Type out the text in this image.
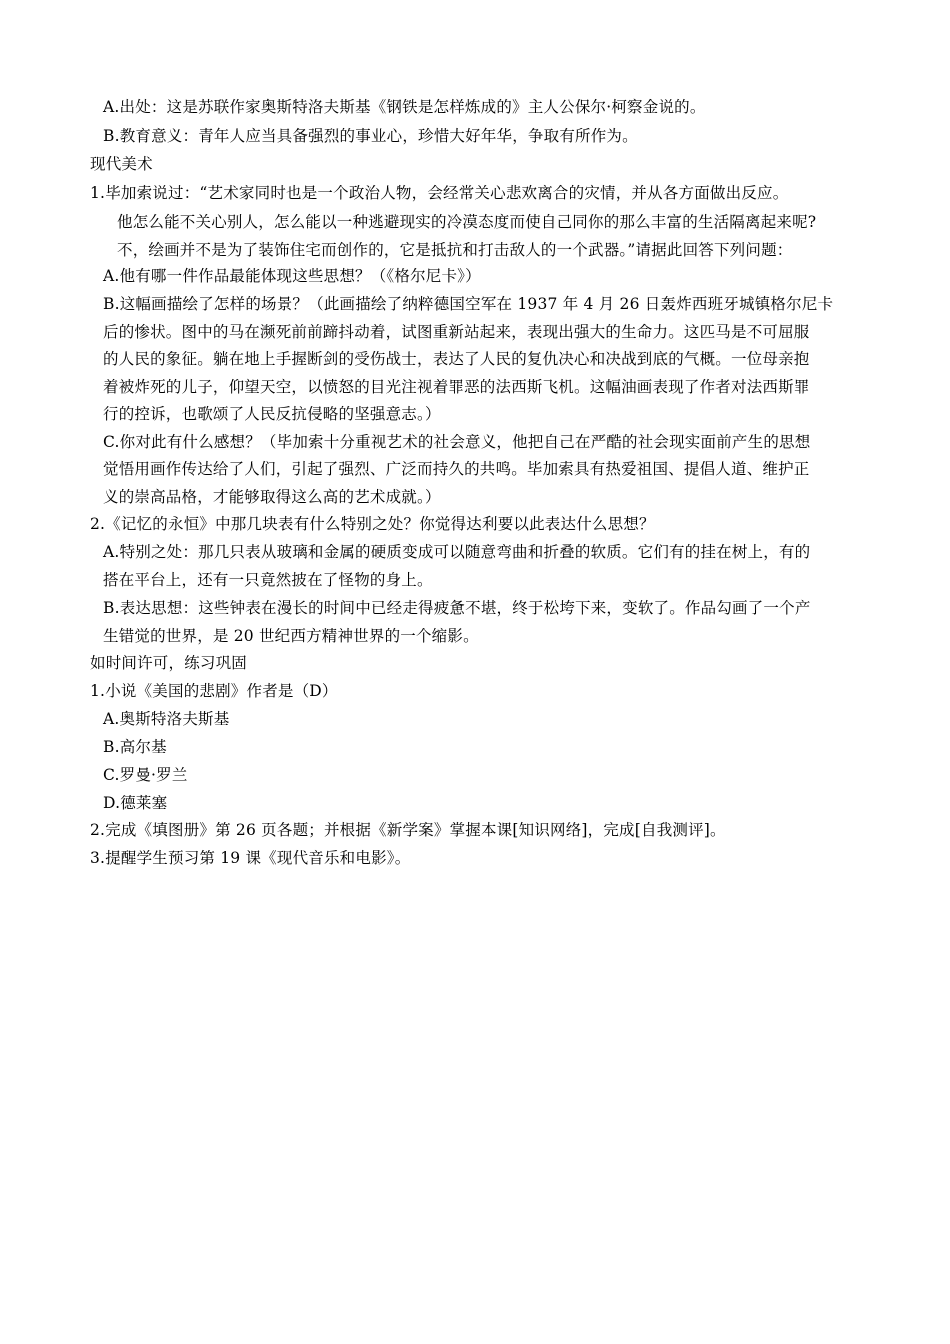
A.出处：这是苏联作家奥斯特洛夫斯基《钢铁是怎样炼成的》主人公保尔·柯察金说的。
B.教育意义：青年人应当具备强烈的事业心，珍惜大好年华，争取有所作为。
现代美术
1.毕加索说过：“艺术家同时也是一个政治人物，会经常关心悲欢离合的灾情，并从各方面做出反应。
他怎么能不关心别人，怎么能以一种逃避现实的冷漠态度而使自己同你的那么丰富的生活隔离起来呢?
不，绘画并不是为了装饰住宅而创作的，它是抵抗和打击敌人的一个武器。”请据此回答下列问题：
A.他有哪一件作品最能体现这些思想？（《格尔尼卡》）
B.这幅画描绘了怎样的场景？（此画描绘了纳粹德国空军在 1937 年 4 月 26 日轰炸西班牙城镇格尔尼卡
后的惨状。图中的马在濒死前前蹄抖动着，试图重新站起来，表现出强大的生命力。这匹马是不可屈服
的人民的象征。躺在地上手握断剑的受伤战士，表达了人民的复仇决心和决战到底的气概。一位母亲抱
着被炸死的儿子，仰望天空，以愤怒的目光注视着罪恶的法西斯飞机。这幅油画表现了作者对法西斯罪
行的控诉，也歌颂了人民反抗侵略的坚强意志。）
C.你对此有什么感想？（毕加索十分重视艺术的社会意义，他把自己在严酷的社会现实面前产生的思想
觉悟用画作传达给了人们，引起了强烈、广泛而持久的共鸣。毕加索具有热爱祖国、提倡人道、维护正
义的崇高品格，才能够取得这么高的艺术成就。）
2.《记忆的永恒》中那几块表有什么特别之处？你觉得达利要以此表达什么思想？
A.特别之处：那几只表从玻璃和金属的硬质变成可以随意弯曲和折叠的软质。它们有的挂在树上，有的
搭在平台上，还有一只竟然披在了怪物的身上。
B.表达思想：这些钟表在漫长的时间中已经走得疲惫不堪，终于松垮下来，变软了。作品勾画了一个产
生错觉的世界，是 20 世纪西方精神世界的一个缩影。
如时间许可，练习巩固
1.小说《美国的悲剧》作者是（D）
A.奥斯特洛夫斯基
B.高尔基
C.罗曼·罗兰
D.德莱塞
2.完成《填图册》第 26 页各题；并根据《新学案》掌握本课[知识网络]，完成[自我测评]。
3.提醒学生预习第 19 课《现代音乐和电影》。
